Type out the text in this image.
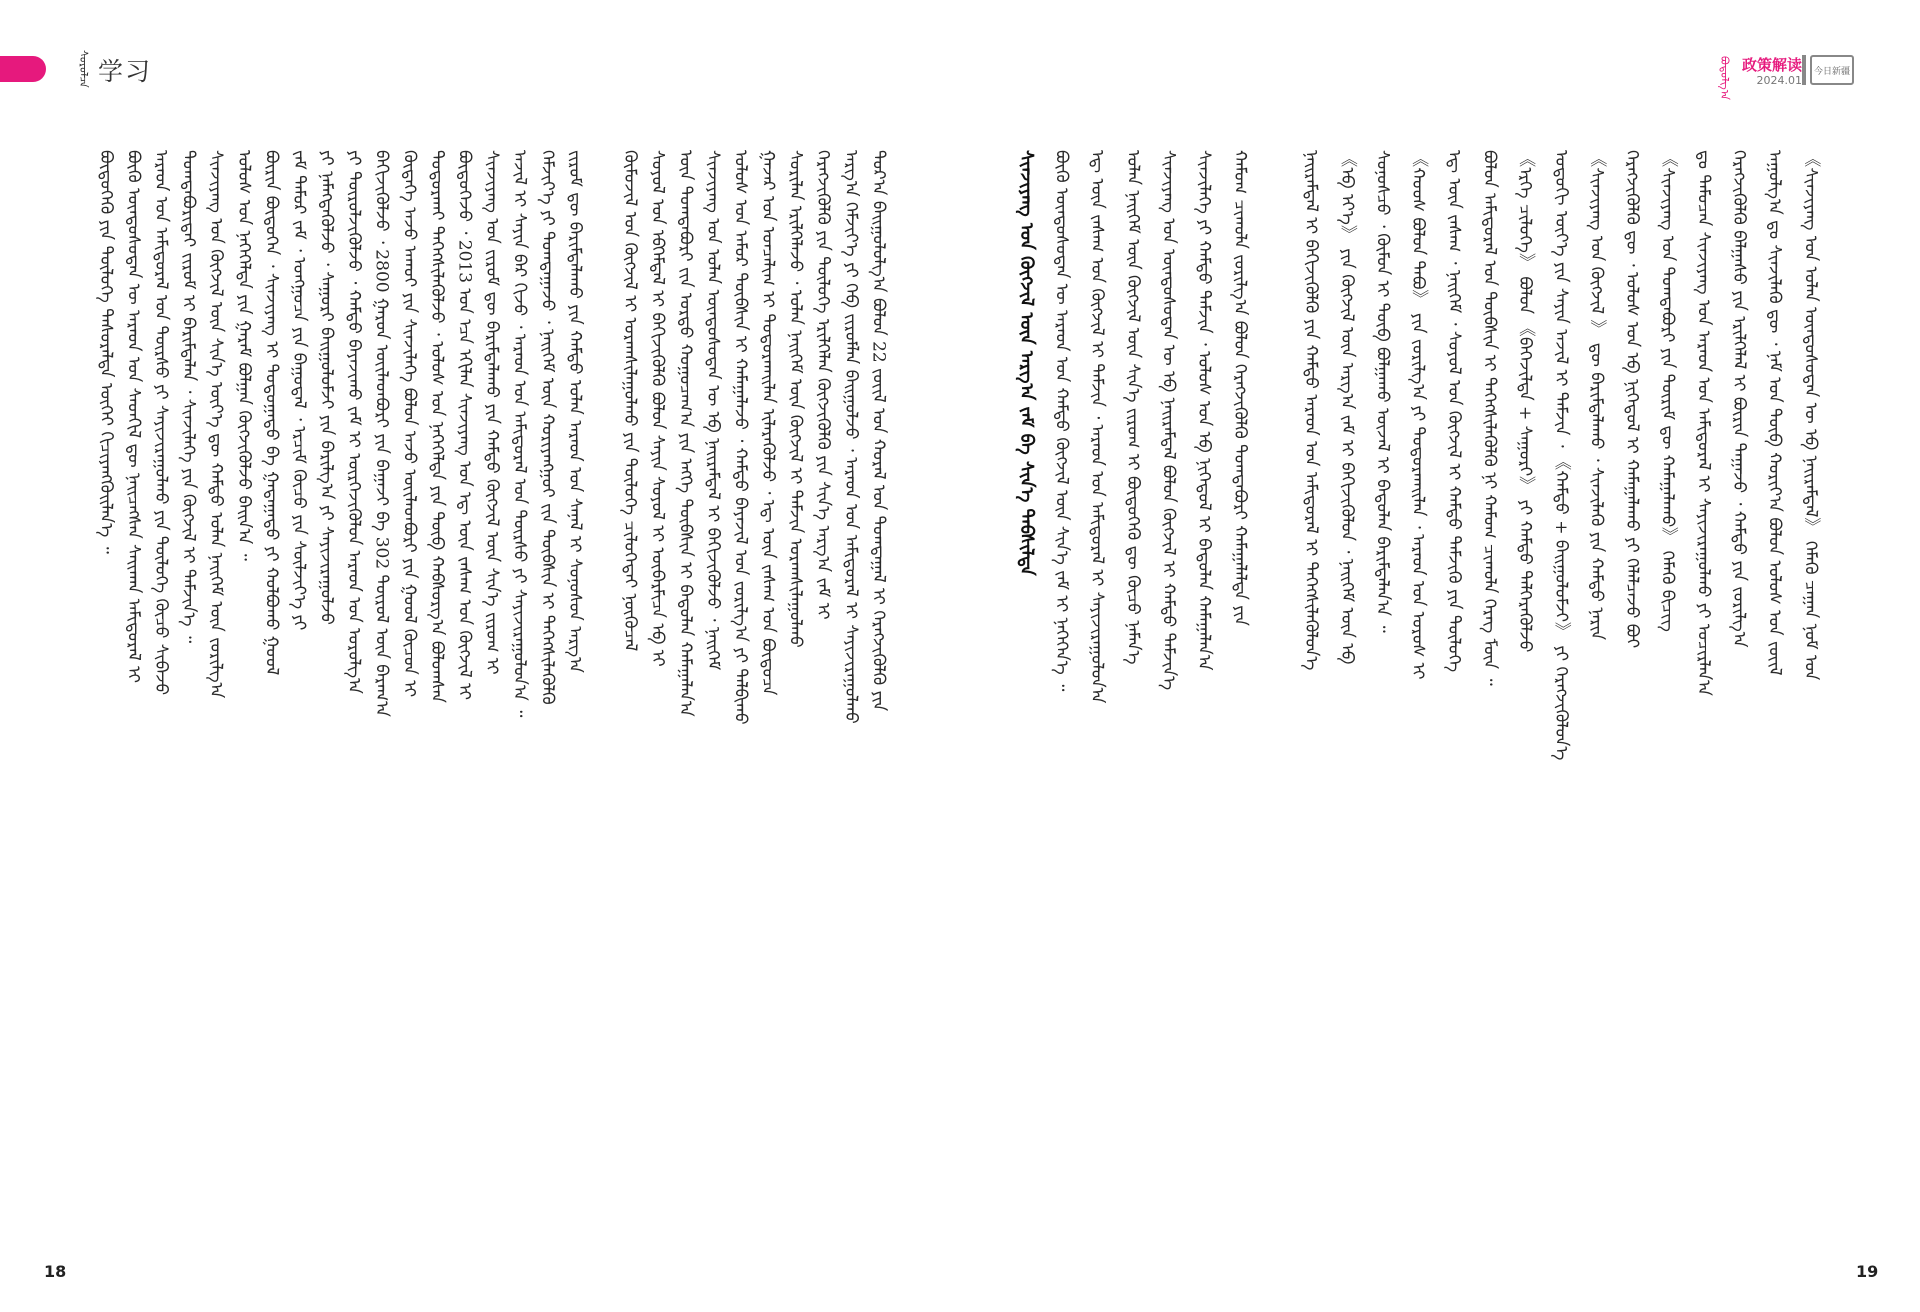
ᠰᠤᠷᠤᠯᠴᠠ 学习	ᠪᠣᠳᠣᠯᠭ᠎ᠠ 政策解读
2024.01
今日新疆
ᠳᠤᠷ᠎ᠠ ᠪᠠᠢᠭᠤᠯᠤᠯᠭ᠎ᠠ ᠪᠣᠯᠤᠨ 22 ᠵᠦᠢᠯ ᠤᠨ ᠬᠤᠷᠠᠯ ᠤᠨ ᠲᠣᠭᠲᠠᠭᠠᠯ ᠢ ᠬᠡᠷᠡᠭᠵᠢᠭᠦᠯᠬᠦ ᠶᠢᠨ
ᠠᠷᠭ᠎ᠠ ᠬᠡᠮᠵᠢᠶ᠎ᠡ ᠶᠢ ᠬᠡᠪ ᠵᠢᠷᠤᠮᠯᠠᠨ ᠪᠠᠢᠭᠤᠯᠵᠤ ᠂ ᠠᠷᠠᠳ ᠤᠨ ᠠᠮᠢᠳᠤᠷᠠᠯ ᠢ ᠰᠠᠶᠢᠵᠢᠷᠠᠭᠤᠯᠬᠤ
ᠬᠡᠷᠡᠭᠵᠢᠭᠦᠯᠬᠦ ᠶᠢᠨ ᠲᠥᠯᠥᠭᠡ ᠡᠷᠢᠯᠬᠡᠯᠡᠨ ᠬᠥᠭᠵᠢᠭᠦᠯᠬᠦ ᠶᠢᠨ ᠰᠢᠨ᠎ᠡ ᠠᠷᠭ᠎ᠠ ᠵᠠᠮ ᠢ
ᠰᠣᠷᠢᠯᠠᠨ ᠡᠷᠢᠯᠬᠡᠯᠡᠵᠦ ᠂ ᠣᠯᠠᠨ ᠨᠡᠢᠭᠡᠮ ᠦᠨ ᠬᠥᠭᠵᠢᠯ ᠢ ᠳᠡᠮᠵᠢᠨ ᠤᠷᠠᠭᠰᠢᠯᠠᠭᠤᠯᠬᠤ
ᠭᠠᠵᠠᠷ ᠤᠨ ᠣᠨᠴᠠᠯᠢᠭ ᠢ ᠲᠣᠳᠣᠷᠬᠠᠢᠯᠠᠨ ᠢᠯᠡᠷᠡᠭᠦᠯᠵᠦ ᠂ ᠡᠳ᠋ ᠦᠨ ᠵᠠᠰᠠᠭ ᠤᠨ ᠪᠦᠲᠦᠴᠡ
ᠤᠯᠤᠰ ᠤᠨ ᠠᠮᠤᠷ ᠲᠦᠪᠰᠢᠨ ᠢ ᠬᠠᠮᠠᠭᠠᠯᠠᠵᠤ ᠂ ᠬᠠᠮᠲᠤ ᠪᠠᠶᠠᠵᠢᠯ ᠤᠨ ᠵᠣᠷᠢᠯᠭ᠎ᠠ ᠶᠢ ᠲᠠᠯᠪᠢᠬᠤ
ᠰᠢᠨᠵᠢᠶᠠᠩ ᠤᠨ ᠣᠯᠠᠨ ᠦᠨᠳᠦᠰᠦᠲᠡᠨ ᠦ ᠡᠪ ᠨᠠᠢᠷᠠᠮᠳᠠᠯ ᠢ ᠪᠡᠬᠢᠵᠢᠭᠦᠯᠵᠦ ᠂ ᠨᠡᠢᠭᠡᠮ
ᠦᠨ ᠲᠣᠭᠲᠠᠪᠤᠷᠢ ᠵᠢᠨ ᠤᠷᠲᠤ ᠬᠤᠭᠤᠴᠠᠭ᠎ᠠ ᠶᠢᠨ ᠡᠩᠬᠡ ᠲᠦᠪᠰᠢᠨ ᠢ ᠪᠠᠲᠤᠯᠠᠨ ᠬᠠᠮᠠᠭᠠᠯᠠᠨ᠎ᠠ
ᠰᠣᠶᠣᠯ ᠤᠨ ᠡᠪᠬᠡᠮᠳᠡᠯ ᠢ ᠪᠡᠬᠢᠵᠢᠭᠦᠯᠬᠦ ᠪᠣᠯᠣᠨ ᠰᠠᠶᠢᠨ ᠰᠣᠶᠣᠯ ᠢ ᠥᠪᠡᠷᠮᠢᠴᠡ ᠡᠪ ᠡᠢ
ᠬᠦᠮᠦᠵᠢᠯ ᠤᠨ ᠬᠥᠭᠵᠢᠯ ᠢ ᠤᠷᠠᠭᠰᠢᠯᠠᠭᠤᠯᠬᠤ ᠶᠢᠨ ᠲᠥᠯᠥᠭᠡ ᠴᠢᠯᠤᠭᠡᠲᠡᠢ ᠨᠥᠬᠦᠴᠡᠯ
ᠵᠢᠷᠤᠮ ᠳᠦ ᠪᠠᠷᠢᠮᠲᠠᠯᠠᠬᠤ ᠶᠢᠨ ᠬᠠᠮᠲᠤ ᠣᠯᠠᠨ ᠠᠷᠠᠳ ᠤᠨ ᠰᠠᠨᠠᠯ ᠢ ᠰᠣᠨᠣᠰᠤᠨ ᠠᠷᠭ᠎ᠠ
ᠬᠡᠮᠵᠢᠶ᠎ᠡ ᠶᠢ ᠲᠣᠭᠲᠠᠭᠠᠵᠤ ᠂ ᠨᠡᠢᠭᠡᠮ ᠦᠨ ᠬᠣᠷᠢᠶᠠᠩᠭᠤᠢ ᠵᠢᠨ ᠲᠦᠪᠰᠢᠨ ᠢ ᠳᠡᠭᠡᠭᠰᠢᠯᠡᠭᠦᠯᠬᠦ
ᠠᠵᠢᠯ ᠢ ᠰᠠᠶᠢᠨ ᠪᠠᠷ ᠬᠢᠵᠦ ᠂ ᠠᠷᠠᠳ ᠤᠨ ᠠᠮᠢᠳᠤᠷᠠᠯ ᠤᠨ ᠳᠦᠷᠰᠦ ᠶᠢ ᠰᠠᠶᠢᠵᠢᠷᠠᠭᠤᠯᠤᠨ᠎ᠠ ᠃
ᠰᠢᠨᠵᠢᠶᠠᠩ ᠤᠨ ᠵᠢᠷᠤᠮ ᠳᠦ ᠪᠠᠷᠢᠮᠲᠠᠯᠠᠬᠤ ᠶᠢᠨ ᠬᠠᠮᠲᠤ ᠬᠥᠭᠵᠢᠯ ᠦᠨ ᠰᠢᠨ᠎ᠡ ᠵᠢᠷᠤᠭ ᠢ
ᠪᠦᠲᠦᠭᠡᠵᠦ ᠂ 2013 ᠣᠨ ᠡᠴᠡ ᠡᠬᠢᠯᠡᠨ ᠰᠢᠨᠵᠢᠶᠠᠩ ᠤᠨ ᠡᠳ᠋ ᠦᠨ ᠵᠠᠰᠠᠭ ᠤᠨ ᠬᠥᠭᠵᠢᠯ ᠢ
ᠲᠣᠳᠣᠷᠬᠠᠢ ᠳᠡᠭᠡᠭᠰᠢᠯᠡᠭᠦᠯᠵᠦ ᠂ ᠤᠯᠤᠰ ᠤᠨ ᠨᠡᠭᠡᠭᠡᠯᠲᠡ ᠶᠢᠨ ᠲᠥᠪ ᠬᠠᠪᠰᠤᠷᠭ᠎ᠠ ᠪᠣᠯᠤᠭᠰᠠᠨ
ᠬᠥᠳᠡᠭᠡ ᠠᠵᠤ ᠠᠬᠤᠢ ᠶᠢᠨ ᠰᠢᠨᠵᠢᠯᠡᠭᠡ ᠪᠣᠯᠤᠨ ᠠᠵᠤ ᠦᠢᠯᠡᠳᠪᠦᠷᠢ ᠶᠢᠨ ᠭᠣᠣᠯ ᠬᠦᠴᠦᠨ ᠢ
ᠪᠡᠬᠢᠵᠢᠭᠦᠯᠵᠦ ᠂ 2800 ᠭᠠᠷᠤᠨ ᠦᠢᠯᠡᠳᠪᠦᠷᠢ ᠶᠢᠨ ᠪᠠᠭᠠᠵᠢ ᠪᠠ 302 ᠲᠥᠷᠥᠯ ᠦᠨ ᠪᠠᠷᠠᠭ᠎ᠠ
ᠶᠢ ᠲᠥᠷᠥᠯᠵᠢᠭᠦᠯᠵᠦ ᠂ ᠬᠠᠮᠲᠤ ᠪᠠᠶᠠᠵᠢᠬᠤ ᠵᠠᠮ ᠢ ᠥᠷᠭᠡᠵᠢᠭᠦᠯᠦᠨ ᠠᠷᠠᠳ ᠤᠨ ᠣᠷᠣᠯᠭ᠎ᠠ
ᠶᠢ ᠨᠡᠮᠡᠭᠳᠡᠭᠦᠯᠵᠦ ᠂ ᠰᠠᠭᠤᠷᠢ ᠪᠠᠢᠭᠤᠯᠤᠮᠵᠢ ᠶᠢᠨ ᠪᠠᠷᠢᠯᠭ᠎ᠠ ᠶᠢ ᠰᠠᠶᠢᠵᠢᠷᠠᠭᠤᠯᠵᠤ
ᠵᠠᠮ ᠲᠡᠮᠦᠷ ᠵᠠᠮ ᠂ ᠣᠨᠭᠭᠣᠴᠠ ᠶᠢᠨ ᠪᠠᠭᠤᠳᠠᠯ ᠂ ᠡᠷᠴᠢᠮ ᠬᠦᠴᠦ ᠶᠢᠨ ᠰᠦᠯᠵᠢᠶ᠎ᠡ ᠶᠢ
ᠪᠦᠷᠢᠨ ᠪᠦᠲᠦᠭᠡᠨ ᠂ ᠰᠢᠨᠵᠢᠶᠠᠩ ᠢ ᠳᠣᠲᠣᠭᠠᠳᠤ ᠪᠠ ᠭᠠᠳᠠᠭᠠᠳᠤ ᠶᠢ ᠬᠣᠯᠪᠣᠬᠤ ᠭᠣᠣᠯ
ᠤᠯᠤᠰ ᠤᠨ ᠨᠡᠭᠡᠭᠡᠯᠲᠡ ᠶᠢᠨ ᠭᠠᠷᠠᠮ ᠪᠣᠯᠭᠠᠨ ᠬᠥᠭᠵᠢᠭᠦᠯᠵᠦ ᠪᠠᠢᠨ᠎ᠠ ᠃
ᠰᠢᠨᠵᠢᠶᠠᠩ ᠤᠨ ᠬᠥᠭᠵᠢᠯ ᠦᠨ ᠰᠢᠨ᠎ᠡ ᠦᠶ᠎ᠡ ᠳᠦ ᠬᠠᠮᠲᠤ ᠣᠯᠠᠨ ᠨᠡᠢᠭᠡᠮ ᠦᠨ ᠵᠣᠷᠢᠯᠭ᠎ᠠ
ᠲᠣᠭᠲᠠᠪᠤᠷᠢᠲᠠᠢ ᠵᠢᠷᠤᠮ ᠢ ᠪᠠᠷᠢᠮᠲᠠᠯᠠᠨ ᠂ ᠰᠢᠨᠵᠢᠯᠡᠭᠡ ᠶᠢᠨ ᠬᠥᠭᠵᠢᠯ ᠢ ᠳᠡᠮᠵᠢᠨ᠎ᠡ ᠃
ᠠᠷᠠᠳ ᠤᠨ ᠠᠮᠢᠳᠤᠷᠠᠯ ᠤᠨ ᠳᠦᠷᠰᠦ ᠶᠢ ᠰᠠᠶᠢᠵᠢᠷᠠᠭᠤᠯᠬᠤ ᠶᠢᠨ ᠲᠥᠯᠥᠭᠡ ᠬᠦᠴᠦ ᠰᠢᠪᠠᠵᠤ
ᠪᠦᠬᠦ ᠦᠨᠳᠦᠰᠦᠲᠡᠨ ᠦ ᠠᠷᠠᠳ ᠤᠨ ᠰᠡᠳᠬᠢᠯ ᠳᠦ ᠨᠡᠢᠴᠡᠭᠰᠡᠨ ᠰᠠᠢᠬᠠᠨ ᠠᠮᠢᠳᠤᠷᠠᠯ ᠢ
ᠪᠦᠲᠦᠭᠡᠬᠦ ᠶᠢᠨ ᠲᠥᠯᠥᠭᠡ ᠲᠠᠰᠤᠷᠠᠯᠲᠠ ᠦᠭᠡᠢ ᠬᠢᠴᠢᠶᠡᠩᠭᠦᠢᠯᠡᠨ᠎ᠡ ᠃	《ᠰᠢᠨᠵᠢᠶᠠᠩ ᠤᠨ ᠣᠯᠠᠨ ᠦᠨᠳᠦᠰᠦᠲᠡᠨ ᠦ ᠡᠪ ᠨᠠᠢᠷᠠᠮᠳᠠᠯ》 ᠬᠡᠮᠡᠬᠦ ᠴᠠᠭᠠᠨ ᠨᠣᠮ ᠤᠨ
ᠠᠭᠤᠯᠭ᠎ᠠ ᠳᠤ ᠰᠢᠨᠵᠢᠯᠡᠬᠦ ᠳᠦ ᠂ ᠨᠠᠮ ᠤᠨ ᠲᠥᠪ ᠬᠣᠷᠢᠶ᠎ᠠ ᠪᠣᠯᠤᠨ ᠤᠯᠤᠰ ᠤᠨ ᠵᠦᠢᠯ
ᠬᠡᠷᠡᠭᠵᠢᠭᠦᠯᠬᠦ ᠪᠠᠯᠭᠠᠰᠤ ᠶᠢᠨ ᠡᠷᠢᠯᠬᠡᠯᠡᠯ ᠢ ᠪᠦᠷᠢᠨ ᠳᠠᠭᠠᠵᠤ ᠂ ᠬᠠᠮᠲᠤ ᠶᠢᠨ ᠵᠣᠷᠢᠯᠭ᠎ᠠ
ᠳᠤ ᠲᠡᠮᠦᠴᠡᠨ ᠰᠢᠨᠵᠢᠶᠠᠩ ᠤᠨ ᠠᠷᠠᠳ ᠤᠨ ᠠᠮᠢᠳᠤᠷᠠᠯ ᠢ ᠰᠠᠶᠢᠵᠢᠷᠠᠭᠤᠯᠬᠤ ᠶᠢ ᠤᠴᠢᠷᠯᠠᠨ᠎ᠠ
《ᠰᠢᠨᠵᠢᠶᠠᠩ ᠤᠨ ᠲᠣᠭᠲᠠᠪᠤᠷᠢ ᠶᠢᠨ ᠳᠦᠷᠢᠮ ᠳᠦ ᠬᠠᠮᠠᠭᠠᠯᠠᠬᠤ》 ᠬᠡᠮᠡᠬᠦ ᠪᠢᠴᠢᠭ
ᠬᠡᠷᠡᠭᠵᠢᠭᠦᠯᠬᠦ ᠳᠦ ᠂ ᠤᠯᠤᠰ ᠤᠨ ᠡᠪ ᠨᠢᠭᠡᠳᠦᠯ ᠢ ᠬᠠᠮᠠᠭᠠᠯᠠᠬᠤ ᠶᠢ ᠬᠡᠯᠡᠯᠴᠡᠵᠦ ᠪᠣᠢ
《ᠰᠢᠨᠵᠢᠶᠠᠩ ᠤᠨ ᠬᠥᠭᠵᠢᠯ 》 ᠳᠦ ᠪᠠᠷᠢᠮᠲᠠᠯᠠᠬᠤ ᠂ ᠰᠢᠨᠵᠢᠯᠡᠬᠦ ᠶᠢᠨ ᠬᠠᠮᠲᠤ ᠨᠠᠷᠢᠨ
ᠣᠳᠣᠬᠢ ᠦᠶ᠎ᠡ ᠶᠢᠨ ᠰᠠᠶᠢᠨ ᠠᠵᠢᠯ ᠢ ᠳᠡᠮᠵᠢᠨ ᠂ 《ᠬᠠᠮᠲᠤ + ᠪᠠᠢᠭᠤᠯᠤᠮᠵᠢ》 ᠶᠢ ᠬᠡᠷᠡᠭᠵᠢᠭᠦᠯᠦᠨ᠎ᠡ
《ᠡᠷᠬᠡ ᠴᠢᠯᠥᠭᠡ》 ᠪᠣᠯᠤᠨ 《ᠪᠡᠬᠡᠵᠢᠯᠲᠡ + ᠰᠠᠭᠤᠷᠢ》 ᠶᠢ ᠬᠠᠮᠲᠤ ᠳᠡᠯᠭᠡᠷᠡᠭᠦᠯᠵᠦ
ᠪᠣᠯᠤᠨ ᠠᠮᠢᠳᠤᠷᠠᠯ ᠤᠨ ᠲᠦᠪᠰᠢᠨ ᠢ ᠳᠡᠭᠡᠭᠰᠢᠯᠡᠭᠦᠯᠬᠦ ᠨᠢ ᠬᠠᠮᠤᠭ ᠴᠢᠬᠤᠯᠠ ᠬᠡᠷᠡᠭ ᠮᠥᠨ ᠃
ᠡᠳ᠋ ᠦᠨ ᠵᠠᠰᠠᠭ ᠂ ᠨᠡᠢᠭᠡᠮ ᠂ ᠰᠣᠶᠣᠯ ᠤᠨ ᠬᠥᠭᠵᠢᠯ ᠢ ᠬᠠᠮᠲᠤ ᠳᠡᠮᠵᠢᠬᠦ ᠶᠢᠨ ᠲᠥᠯᠥᠭᠡ
《ᠬᠣᠣᠰ ᠪᠣᠯᠤᠨ ᠲᠠᠪᠤ》 ᠶᠢᠨ ᠵᠣᠷᠢᠯᠭ᠎ᠠ ᠶᠢ ᠲᠣᠳᠣᠷᠬᠠᠢᠯᠠᠨ ᠂ ᠠᠷᠠᠳ ᠤᠨ ᠤᠷᠤᠰ ᠢ
ᠰᠣᠨᠣᠰᠴᠤ ᠂ ᠬᠦᠮᠦᠨ ᠢ ᠲᠥᠪ ᠪᠣᠯᠭᠠᠬᠤ ᠦᠵᠡᠯ ᠢ ᠪᠠᠲᠤᠯᠠᠨ ᠪᠠᠷᠢᠮᠲᠠᠯᠠᠨ᠎ᠠ ᠃
《ᠡᠪ ᠡᠶ᠎ᠡ》 ᠶᠢᠨ ᠬᠥᠭᠵᠢᠯ ᠦᠨ ᠠᠷᠭ᠎ᠠ ᠵᠠᠮ ᠢ ᠪᠡᠬᠢᠵᠢᠭᠦᠯᠦᠨ ᠂ ᠨᠡᠢᠭᠡᠮ ᠦᠨ ᠡᠪ
ᠨᠠᠢᠷᠠᠮᠳᠠᠯ ᠢ ᠪᠡᠬᠢᠵᠢᠭᠦᠯᠬᠦ ᠶᠢᠨ ᠬᠠᠮᠲᠤ ᠠᠷᠠᠳ ᠤᠨ ᠠᠮᠢᠳᠤᠷᠠᠯ ᠢ ᠳᠡᠭᠡᠭᠰᠢᠯᠡᠭᠦᠯᠦᠨ᠎ᠡ
ᠬᠠᠮᠤᠭ ᠴᠢᠬᠤᠯᠠ ᠵᠣᠷᠢᠯᠭ᠎ᠠ ᠪᠣᠯᠤᠨ ᠬᠡᠷᠡᠭᠵᠢᠭᠦᠯᠬᠦ ᠲᠣᠭᠲᠠᠪᠤᠷᠢ ᠬᠠᠮᠠᠭᠠᠯᠠᠯᠲᠠ ᠶᠢᠨ
ᠰᠢᠨᠵᠢᠯᠡᠭᠡ ᠶᠢ ᠬᠠᠮᠲᠤ ᠳᠡᠮᠵᠢᠨ ᠂ ᠤᠯᠤᠰ ᠤᠨ ᠡᠪ ᠨᠢᠭᠡᠳᠦᠯ ᠢ ᠪᠠᠲᠤᠯᠠᠨ ᠬᠠᠮᠠᠭᠠᠯᠠᠨ᠎ᠠ
ᠰᠢᠨᠵᠢᠶᠠᠩ ᠤᠨ ᠦᠨᠳᠦᠰᠦᠲᠡᠨ ᠦ ᠡᠪ ᠨᠠᠢᠷᠠᠮᠳᠠᠯ ᠪᠣᠯᠤᠨ ᠬᠥᠭᠵᠢᠯ ᠢ ᠬᠠᠮᠲᠤ ᠳᠡᠮᠵᠢᠨ᠎ᠡ
ᠣᠯᠠᠨ ᠨᠡᠢᠭᠡᠮ ᠦᠨ ᠬᠥᠭᠵᠢᠯ ᠦᠨ ᠰᠢᠨ᠎ᠡ ᠵᠢᠷᠤᠭ ᠢ ᠪᠦᠲᠦᠭᠡᠬᠦ ᠳᠦ ᠬᠦᠴᠦ ᠨᠡᠮᠡᠨ᠎ᠡ
ᠡᠳ᠋ ᠦᠨ ᠵᠠᠰᠠᠭ ᠤᠨ ᠬᠥᠭᠵᠢᠯ ᠢ ᠳᠡᠮᠵᠢᠨ ᠂ ᠠᠷᠠᠳ ᠤᠨ ᠠᠮᠢᠳᠤᠷᠠᠯ ᠢ ᠰᠠᠶᠢᠵᠢᠷᠠᠭᠤᠯᠤᠨ᠎ᠠ
ᠪᠦᠬᠦ ᠦᠨᠳᠦᠰᠦᠲᠡᠨ ᠦ ᠠᠷᠠᠳ ᠤᠨ ᠬᠠᠮᠲᠤ ᠬᠥᠭᠵᠢᠯ ᠦᠨ ᠰᠢᠨ᠎ᠡ ᠵᠠᠮ ᠢ ᠨᠡᠭᠡᠭᠡᠨ᠎ᠡ ᠃
ᠰᠢᠨᠵᠢᠶᠠᠩ ᠤᠨ ᠬᠥᠭᠵᠢᠯ ᠦᠨ ᠠᠷᠭ᠎ᠠ ᠵᠠᠮ ᠪᠠ ᠰᠢᠨ᠎ᠡ ᠳᠡᠪᠰᠢᠯᠲᠡ
18	19
